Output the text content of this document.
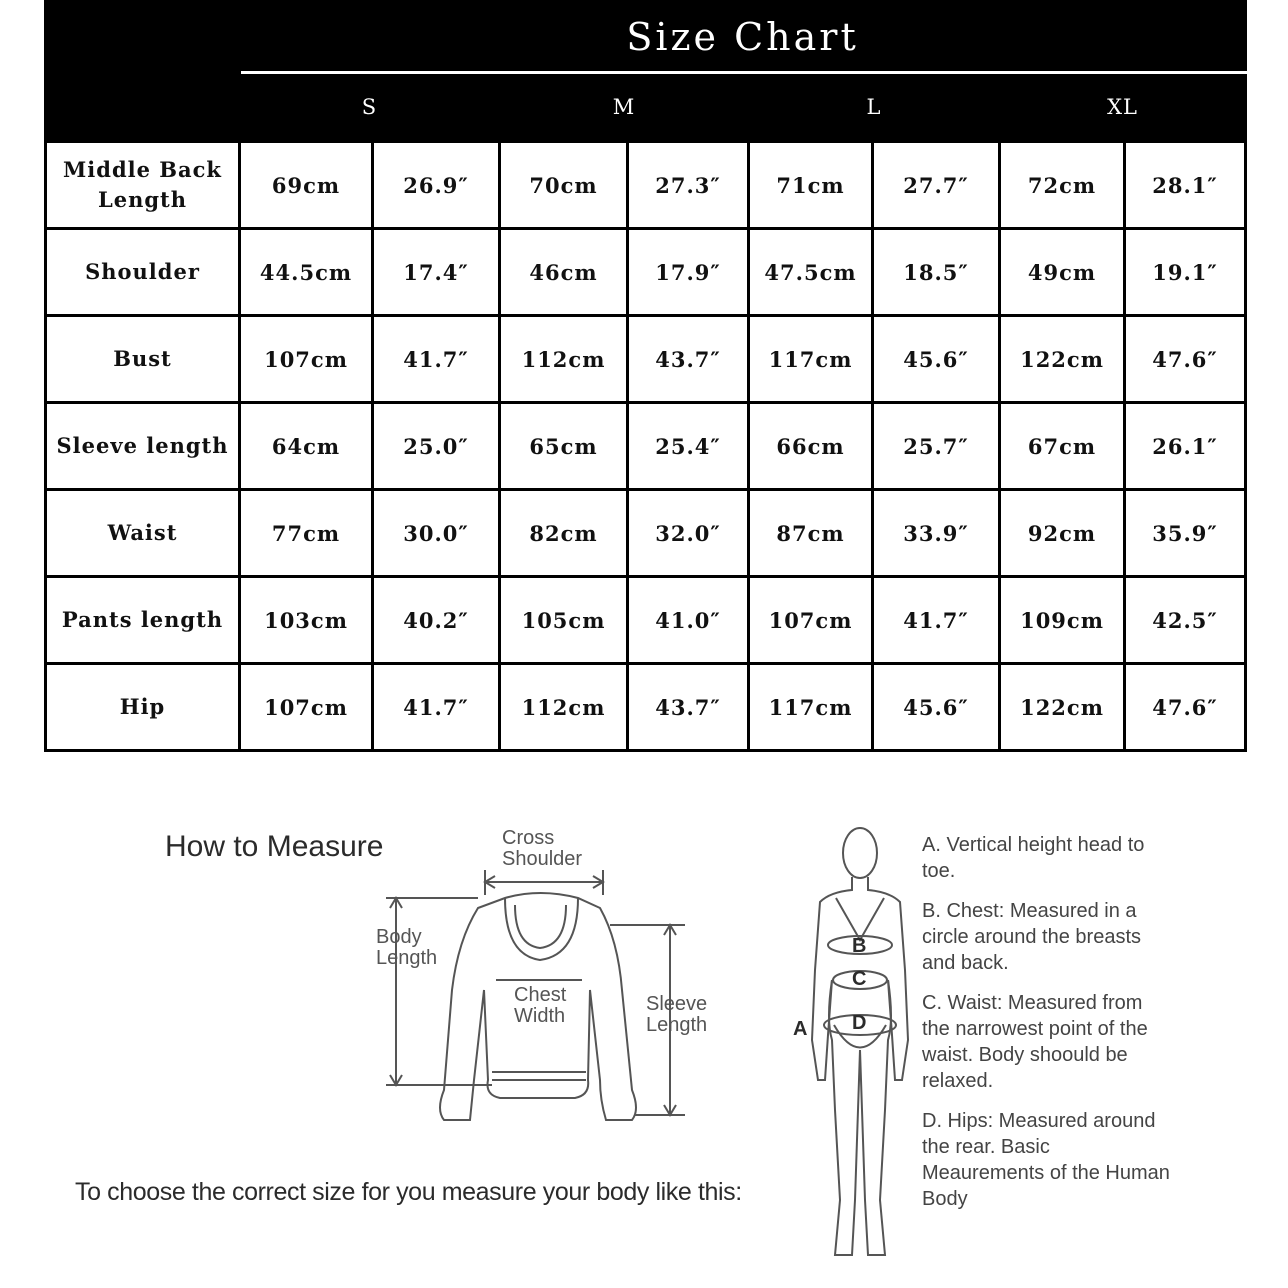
	Size Chart							
	S		M		L		XL	

Middle Back
Length	69cm	26.9″	70cm	27.3″	71cm	27.7″	72cm	28.1″

Shoulder	44.5cm	17.4″	46cm	17.9″	47.5cm	18.5″	49cm	19.1″

Bust	107cm	41.7″	112cm	43.7″	117cm	45.6″	122cm	47.6″

Sleeve length	64cm	25.0″	65cm	25.4″	66cm	25.7″	67cm	26.1″

Waist	77cm	30.0″	82cm	32.0″	87cm	33.9″	92cm	35.9″

Pants length	103cm	40.2″	105cm	41.0″	107cm	41.7″	109cm	42.5″

Hip	107cm	41.7″	112cm	43.7″	117cm	45.6″	122cm	47.6″
How to Measure	Cross
Shoulder
Body
Length
Chest
Width
Sleeve
Length
B
C
D
A
A. Vertical height head to toe.
B. Chest: Measured in a circle around the breasts and back.
C. Waist: Measured from the narrowest point of the waist. Body shoould be relaxed.
D. Hips: Measured around the rear. Basic Meaurements of the Human Body
To choose the correct size for you measure your body like this:
